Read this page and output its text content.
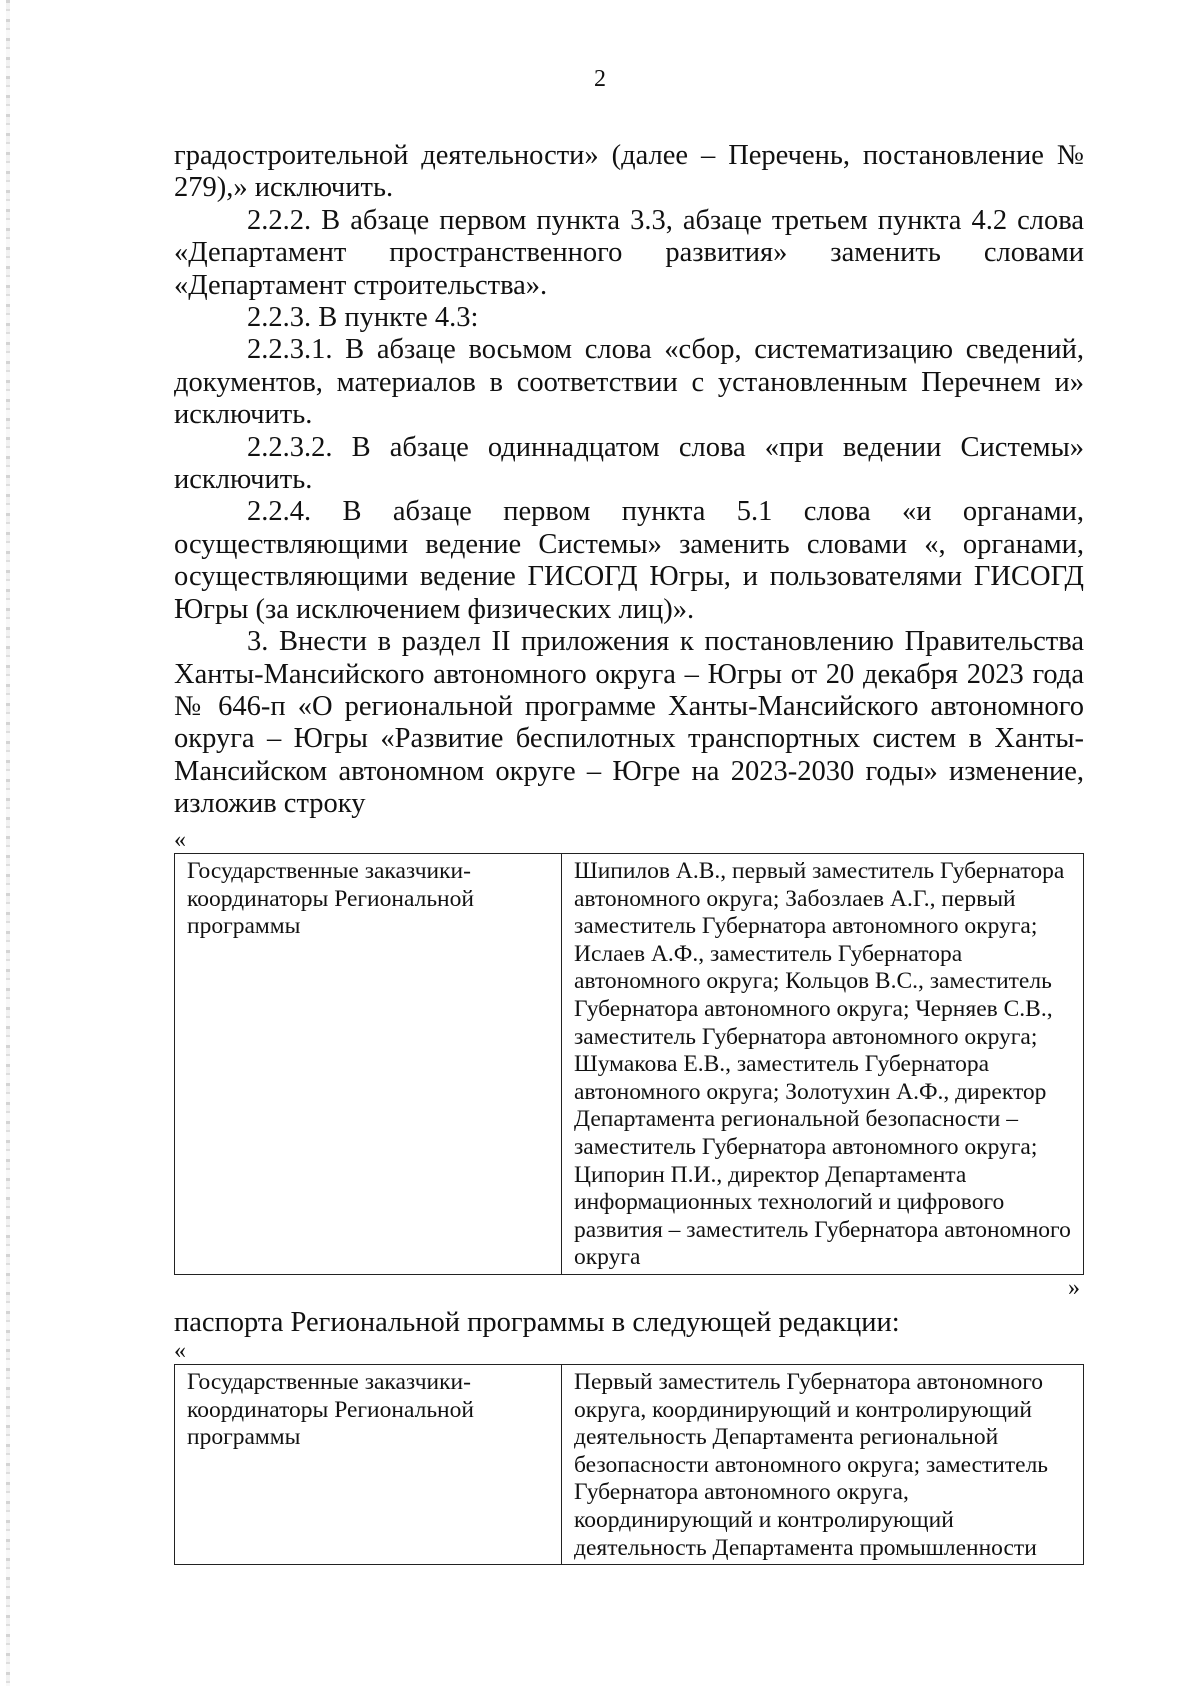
2

градостроительной деятельности» (далее – Перечень, постановление № 279),» исключить.

2.2.2. В абзаце первом пункта 3.3, абзаце третьем пункта 4.2 слова «Департамент пространственного развития» заменить словами «Департамент строительства».

2.2.3. В пункте 4.3:

2.2.3.1. В абзаце восьмом слова «сбор, систематизацию сведений, документов, материалов в соответствии с установленным Перечнем и» исключить.

2.2.3.2. В абзаце одиннадцатом слова «при ведении Системы» исключить.

2.2.4. В абзаце первом пункта 5.1 слова «и органами, осуществляющими ведение Системы» заменить словами «, органами, осуществляющими ведение ГИСОГД Югры, и пользователями ГИСОГД Югры (за исключением физических лиц)».

3. Внести в раздел II приложения к постановлению Правительства Ханты-Мансийского автономного округа – Югры от 20 декабря 2023 года № 646-п «О региональной программе Ханты-Мансийского автономного округа – Югры «Развитие беспилотных транспортных систем в Ханты-Мансийском автономном округе – Югре на 2023-2030 годы» изменение, изложив строку

«
Государственные заказчики-координаторы Региональной программы	Шипилов А.В., первый заместитель Губернатора автономного округа; Забозлаев А.Г., первый заместитель Губернатора автономного округа; Ислаев А.Ф., заместитель Губернатора автономного округа; Кольцов В.С., заместитель Губернатора автономного округа; Черняев С.В., заместитель Губернатора автономного округа; Шумакова Е.В., заместитель Губернатора автономного округа; Золотухин А.Ф., директор Департамента региональной безопасности – заместитель Губернатора автономного округа; Ципорин П.И., директор Департамента информационных технологий и цифрового развития – заместитель Губернатора автономного округа
»
паспорта Региональной программы в следующей редакции:
«
Государственные заказчики-координаторы Региональной программы	Первый заместитель Губернатора автономного округа, координирующий и контролирующий деятельность Департамента региональной безопасности автономного округа; заместитель Губернатора автономного округа, координирующий и контролирующий деятельность Департамента промышленности
